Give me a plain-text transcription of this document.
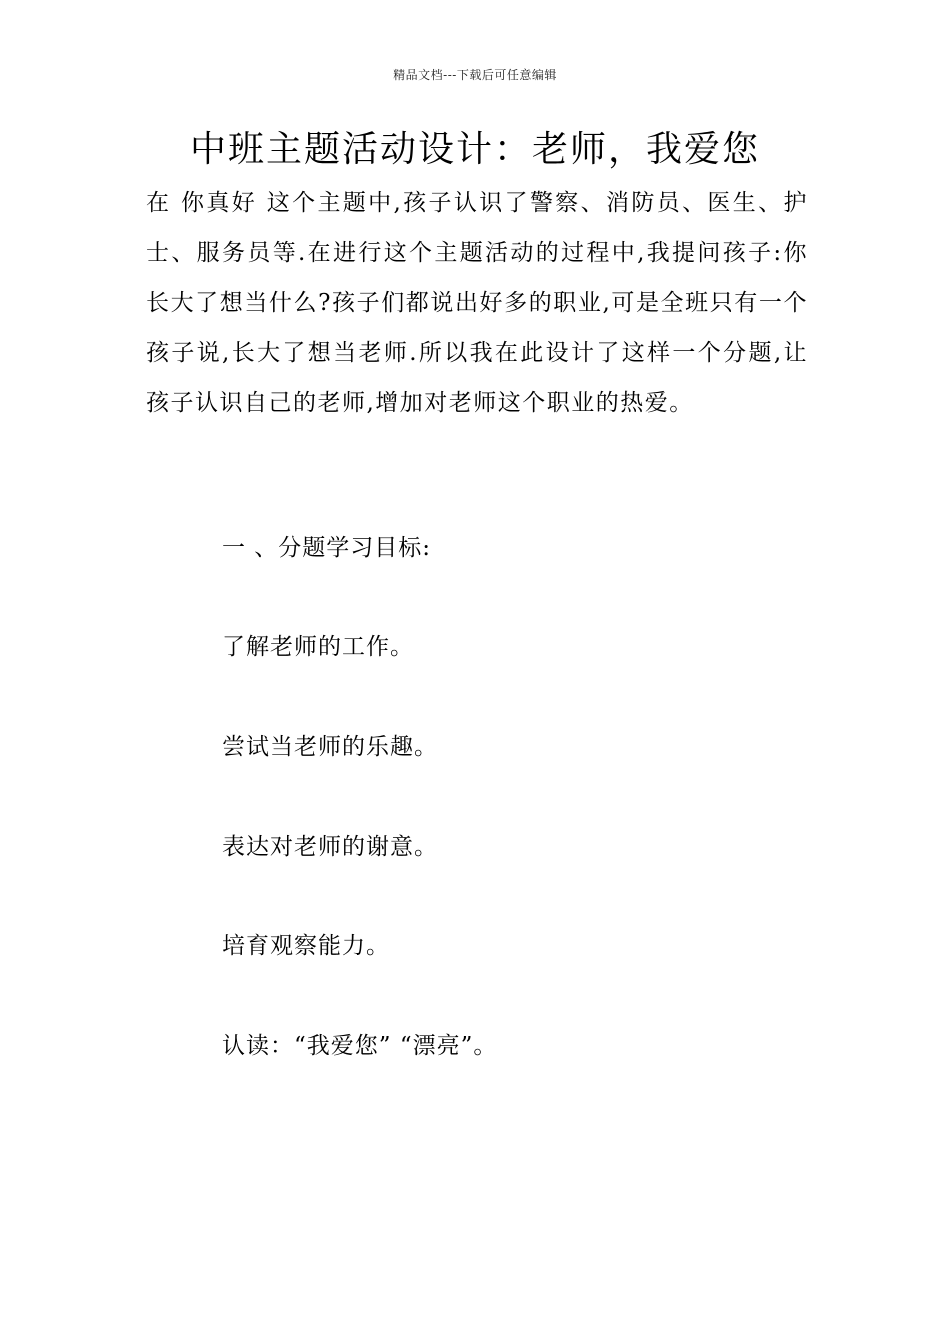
精品文档---下载后可任意编辑
中班主题活动设计：老师，我爱您

在 你真好 这个主题中,孩子认识了警察、消防员、医生、护士、服务员等.在进行这个主题活动的过程中,我提问孩子:你长大了想当什么?孩子们都说出好多的职业,可是全班只有一个孩子说,长大了想当老师.所以我在此设计了这样一个分题,让孩子认识自己的老师,增加对老师这个职业的热爱。

一 、分题学习目标:

了解老师的工作。

尝试当老师的乐趣。

表达对老师的谢意。

培育观察能力。

认读：“我爱您” “漂亮”。
